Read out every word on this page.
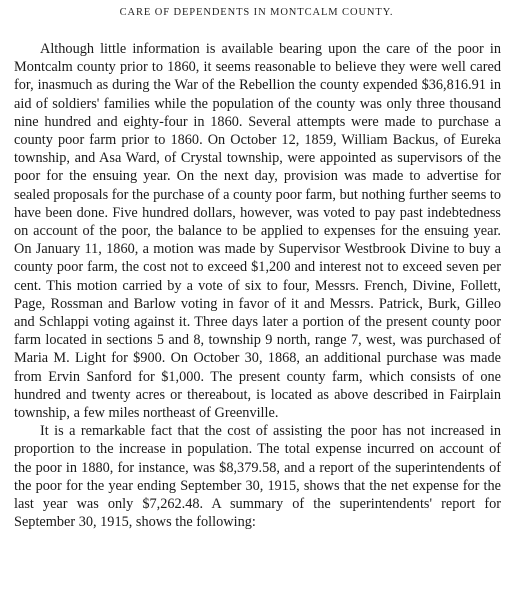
CARE OF DEPENDENTS IN MONTCALM COUNTY.

Although little information is available bearing upon the care of the poor in Montcalm county prior to 1860, it seems reasonable to believe they were well cared for, inasmuch as during the War of the Rebellion the county expended $36,816.91 in aid of soldiers' families while the population of the county was only three thousand nine hundred and eighty-four in 1860. Several attempts were made to purchase a county poor farm prior to 1860. On October 12, 1859, William Backus, of Eureka township, and Asa Ward, of Crystal township, were appointed as supervisors of the poor for the ensuing year. On the next day, provision was made to advertise for sealed proposals for the purchase of a county poor farm, but nothing further seems to have been done. Five hundred dollars, however, was voted to pay past indebtedness on account of the poor, the balance to be applied to expenses for the ensuing year. On January 11, 1860, a motion was made by Supervisor Westbrook Divine to buy a county poor farm, the cost not to exceed $1,200 and interest not to exceed seven per cent. This motion carried by a vote of six to four, Messrs. French, Divine, Follett, Page, Rossman and Barlow voting in favor of it and Messrs. Patrick, Burk, Gilleo and Schlappi voting against it. Three days later a portion of the present county poor farm located in sections 5 and 8, township 9 north, range 7, west, was purchased of Maria M. Light for $900. On October 30, 1868, an additional purchase was made from Ervin Sanford for $1,000. The present county farm, which consists of one hundred and twenty acres or thereabout, is located as above described in Fairplain township, a few miles northeast of Greenville.

It is a remarkable fact that the cost of assisting the poor has not increased in proportion to the increase in population. The total expense incurred on account of the poor in 1880, for instance, was $8,379.58, and a report of the superintendents of the poor for the year ending September 30, 1915, shows that the net expense for the last year was only $7,262.48. A summary of the superintendents' report for September 30, 1915, shows the following:
